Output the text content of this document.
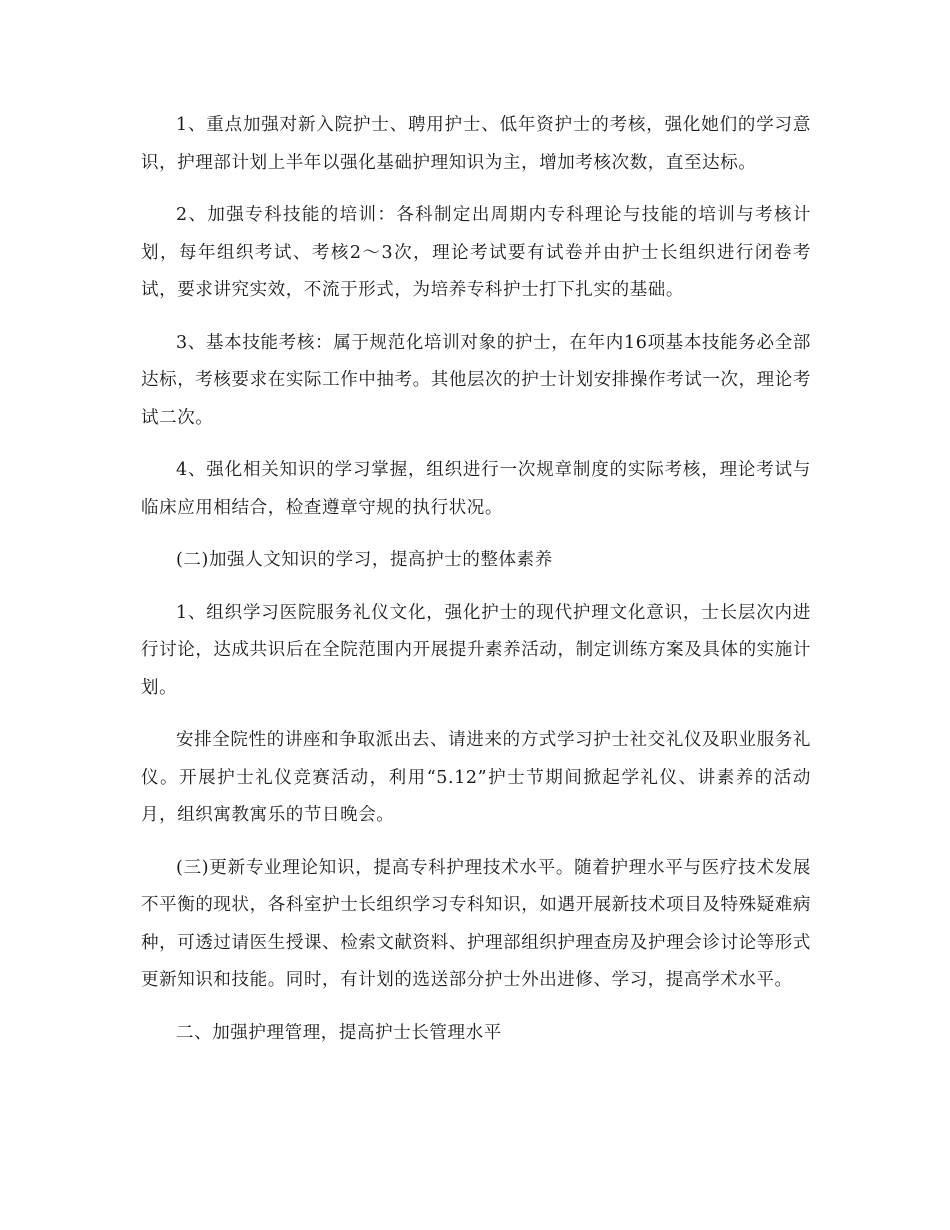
1、重点加强对新入院护士、聘用护士、低年资护士的考核，强化她们的学习意识，护理部计划上半年以强化基础护理知识为主，增加考核次数，直至达标。

2、加强专科技能的培训：各科制定出周期内专科理论与技能的培训与考核计划，每年组织考试、考核2～3次，理论考试要有试卷并由护士长组织进行闭卷考试，要求讲究实效，不流于形式，为培养专科护士打下扎实的基础。

3、基本技能考核：属于规范化培训对象的护士，在年内16项基本技能务必全部达标，考核要求在实际工作中抽考。其他层次的护士计划安排操作考试一次，理论考试二次。

4、强化相关知识的学习掌握，组织进行一次规章制度的实际考核，理论考试与临床应用相结合，检查遵章守规的执行状况。

(二)加强人文知识的学习，提高护士的整体素养

1、组织学习医院服务礼仪文化，强化护士的现代护理文化意识，士长层次内进行讨论，达成共识后在全院范围内开展提升素养活动，制定训练方案及具体的实施计划。

安排全院性的讲座和争取派出去、请进来的方式学习护士社交礼仪及职业服务礼仪。开展护士礼仪竞赛活动，利用“5.12”护士节期间掀起学礼仪、讲素养的活动月，组织寓教寓乐的节日晚会。

(三)更新专业理论知识，提高专科护理技术水平。随着护理水平与医疗技术发展不平衡的现状，各科室护士长组织学习专科知识，如遇开展新技术项目及特殊疑难病种，可透过请医生授课、检索文献资料、护理部组织护理查房及护理会诊讨论等形式更新知识和技能。同时，有计划的选送部分护士外出进修、学习，提高学术水平。

二、加强护理管理，提高护士长管理水平
